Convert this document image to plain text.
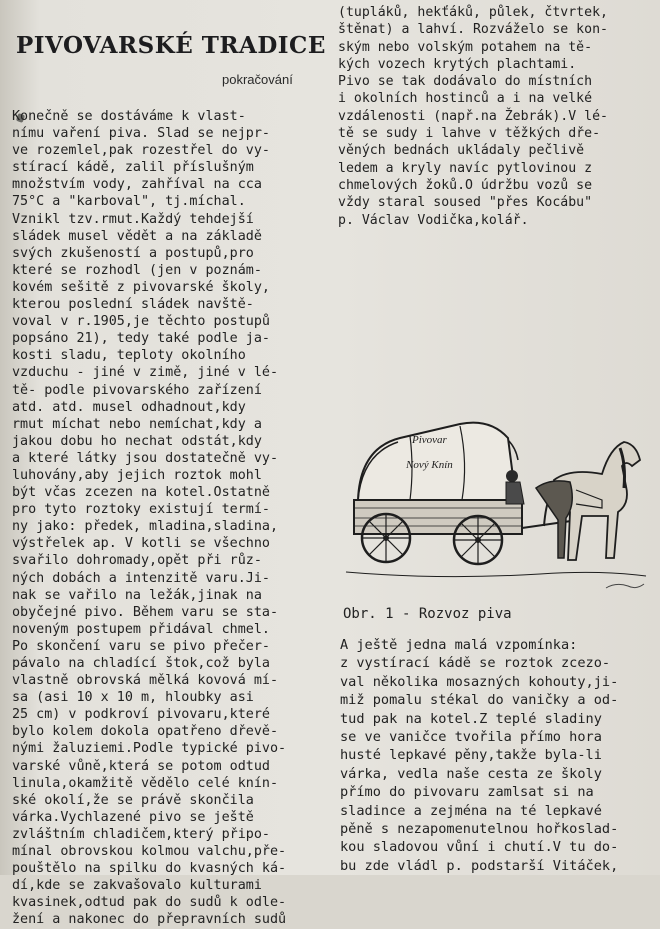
PIVOVARSKÉ TRADICE
pokračování
Konečně se dostáváme k vlast-
nímu vaření piva. Slad se nejpr-
ve rozemlel,pak rozestřel do vy-
stírací kádě, zalil příslušným
množstvím vody, zahříval na cca
75°C a "karboval", tj.míchal.
Vznikl tzv.rmut.Každý tehdejší
sládek musel vědět a na základě
svých zkušeností a postupů,pro
které se rozhodl (jen v poznám-
kovém sešitě z pivovarské školy,
kterou poslední sládek navště-
voval v r.1905,je těchto postupů
popsáno 21), tedy také podle ja-
kosti sladu, teploty okolního
vzduchu - jiné v zimě, jiné v lé-
tě- podle pivovarského zařízení
atd. atd. musel odhadnout,kdy
rmut míchat nebo nemíchat,kdy a
jakou dobu ho nechat odstát,kdy
a které látky jsou dostatečně vy-
luhovány,aby jejich roztok mohl
být včas zcezen na kotel.Ostatně
pro tyto roztoky existují termí-
ny jako: předek, mladina,sladina,
výstřelek ap. V kotli se všechno
svařilo dohromady,opět při růz-
ných dobách a intenzitě varu.Ji-
nak se vařilo na ležák,jinak na
obyčejné pivo. Během varu se sta-
noveným postupem přidával chmel.
Po skončení varu se pivo přečer-
pávalo na chladící štok,což byla
vlastně obrovská mělká kovová mí-
sa (asi 10 x 10 m, hloubky asi
25 cm) v podkroví pivovaru,které
bylo kolem dokola opatřeno dřevě-
nými žaluziemi.Podle typické pivo-
varské vůně,která se potom odtud
linula,okamžitě vědělo celé knín-
ské okolí,že se právě skončila
várka.Vychlazené pivo se ještě
zvláštním chladičem,který připo-
mínal obrovskou kolmou valchu,pře-
pouštělo na spilku do kvasných ká-
dí,kde se zakvašovalo kulturami
kvasinek,odtud pak do sudů k odle-
žení a nakonec do přepravních sudů
(tupláků, hekťáků, půlek, čtvrtek,
štěnat) a lahví. Rozváželo se kon-
ským nebo volským potahem na tě-
kých vozech krytých plachtami.
Pivo se tak dodávalo do místních
i okolních hostinců a i na velké
vzdálenosti (např.na Žebrák).V lé-
tě se sudy i lahve v těžkých dře-
věných bednách ukládaly pečlivě
ledem a kryly navíc pytlovinou z
chmelových žoků.O údržbu vozů se
vždy staral soused "přes Kocábu"
p. Václav Vodička,kolář.
Pivovar
Nový Knín
Obr. 1 - Rozvoz piva
A ještě jedna malá vzpomínka:
z vystírací kádě se roztok zcezo-
val několika mosazných kohouty,ji-
miž pomalu stékal do vaničky a od-
tud pak na kotel.Z teplé sladiny
se ve vaničce tvořila přímo hora
husté lepkavé pěny,takže byla-li
várka, vedla naše cesta ze školy
přímo do pivovaru zamlsat si na
sladince a zejména na té lepkavé
pěně s nezapomenutelnou hořkoslad-
kou sladovou vůní i chutí.V tu do-
bu zde vládl p. podstarší Vitáček,
